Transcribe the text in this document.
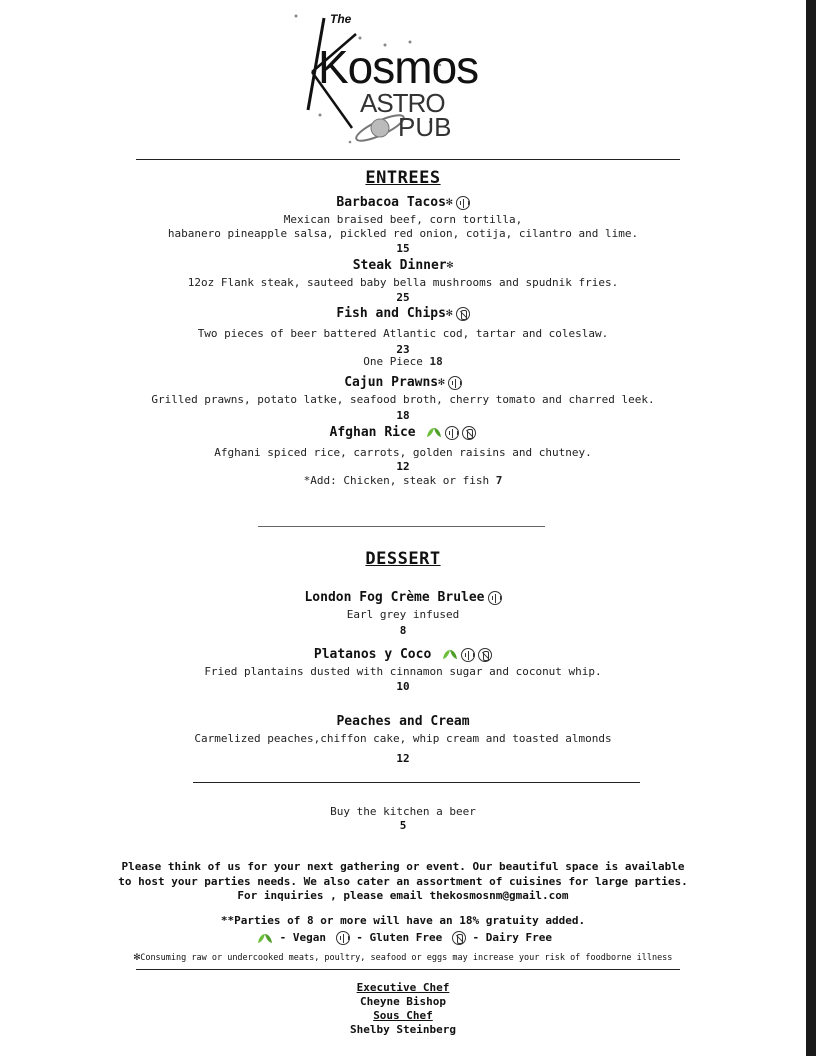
The
Kosmos
ASTRO
PUB
ENTREES
Barbacoa Tacos✻
Mexican braised beef, corn tortilla,
habanero pineapple salsa, pickled red onion, cotija, cilantro and lime.
15
Steak Dinner✻
12oz Flank steak, sauteed baby bella mushrooms and spudnik fries.
25
Fish and Chips✻
Two pieces of beer battered Atlantic cod, tartar and coleslaw.
23
One Piece 18
Cajun Prawns✻
Grilled prawns, potato latke, seafood broth, cherry tomato and charred leek.
18
Afghan Rice
Afghani spiced rice, carrots, golden raisins and chutney.
12
*Add: Chicken, steak or fish 7
DESSERT
London Fog Crème Brulee
Earl grey infused
8
Platanos y Coco
Fried plantains dusted with cinnamon sugar and coconut whip.
10
Peaches and Cream
Carmelized peaches,chiffon cake, whip cream and toasted almonds
12
Buy the kitchen a beer
5
Please think of us for your next gathering or event. Our beautiful space is available
to host your parties needs. We also cater an assortment of cuisines for large parties.
For inquiries , please email thekosmosnm@gmail.com
**Parties of 8 or more will have an 18% gratuity added.
- Vegan	- Gluten Free	- Dairy Free
✻Consuming raw or undercooked meats, poultry, seafood or eggs may increase your risk of foodborne illness
Executive Chef
Cheyne Bishop
Sous Chef
Shelby Steinberg
